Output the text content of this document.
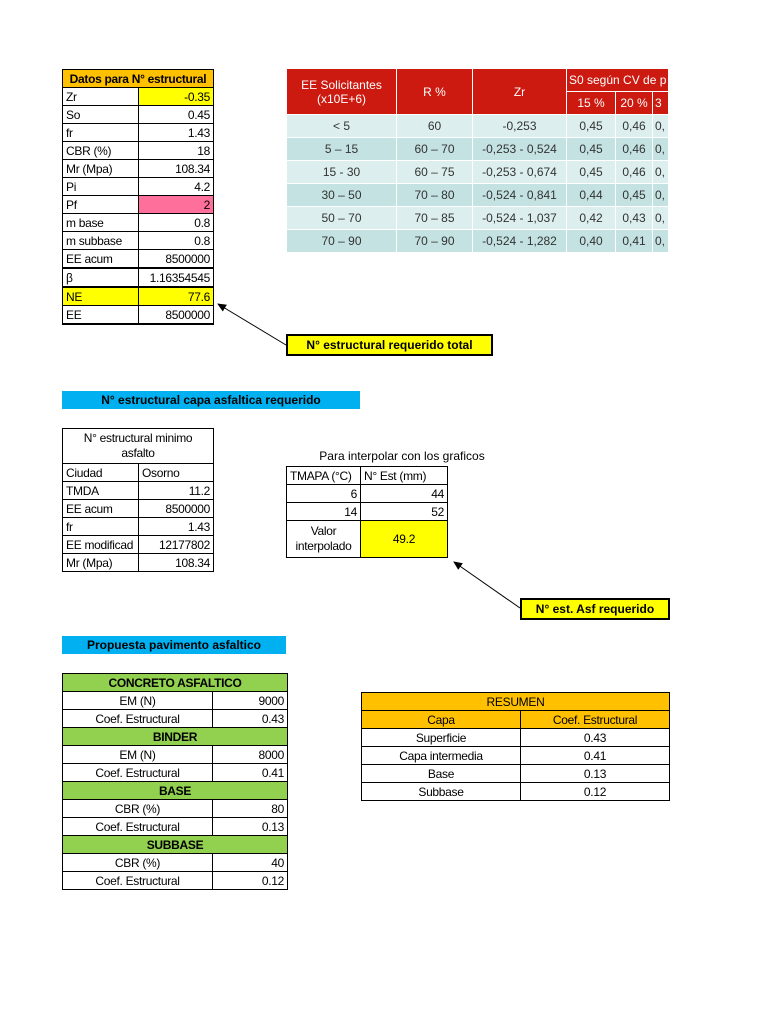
Datos para N° estructural	
Zr	-0.35
So	0.45
fr	1.43
CBR (%)	18
Mr (Mpa)	108.34
Pi	4.2
Pf	2
m base	0.8
m subbase	0.8
EE acum	8500000
β	1.16354545
NE	77.6
EE	8500000
EE Solicitantes (x10E+6)	R %	Zr	S0 según CV de p		
			15 %	20 %	3
< 5	60	-0,253	0,45	0,46	0,
5 – 15	60 – 70	-0,253 - 0,524	0,45	0,46	0,
15 - 30	60 – 75	-0,253 - 0,674	0,45	0,46	0,
30 – 50	70 – 80	-0,524 - 0,841	0,44	0,45	0,
50 – 70	70 – 85	-0,524 - 1,037	0,42	0,43	0,
70 – 90	70 – 90	-0,524 - 1,282	0,40	0,41	0,
N° estructural requerido total
N° estructural capa asfaltica requerido
N° estructural minimo asfalto	
Ciudad	Osorno
TMDA	11.2
EE acum	8500000
fr	1.43
EE modificad	12177802
Mr (Mpa)	108.34
Para interpolar con los graficos
TMAPA (°C)	N° Est (mm)
6	44
14	52
Valor interpolado	49.2
N° est. Asf requerido
Propuesta pavimento asfaltico
CONCRETO ASFALTICO	
EM (N)	9000
Coef. Estructural	0.43
BINDER	
EM (N)	8000
Coef. Estructural	0.41
BASE	
CBR (%)	80
Coef. Estructural	0.13
SUBBASE	
CBR (%)	40
Coef. Estructural	0.12
RESUMEN	
Capa	Coef. Estructural
Superficie	0.43
Capa intermedia	0.41
Base	0.13
Subbase	0.12
